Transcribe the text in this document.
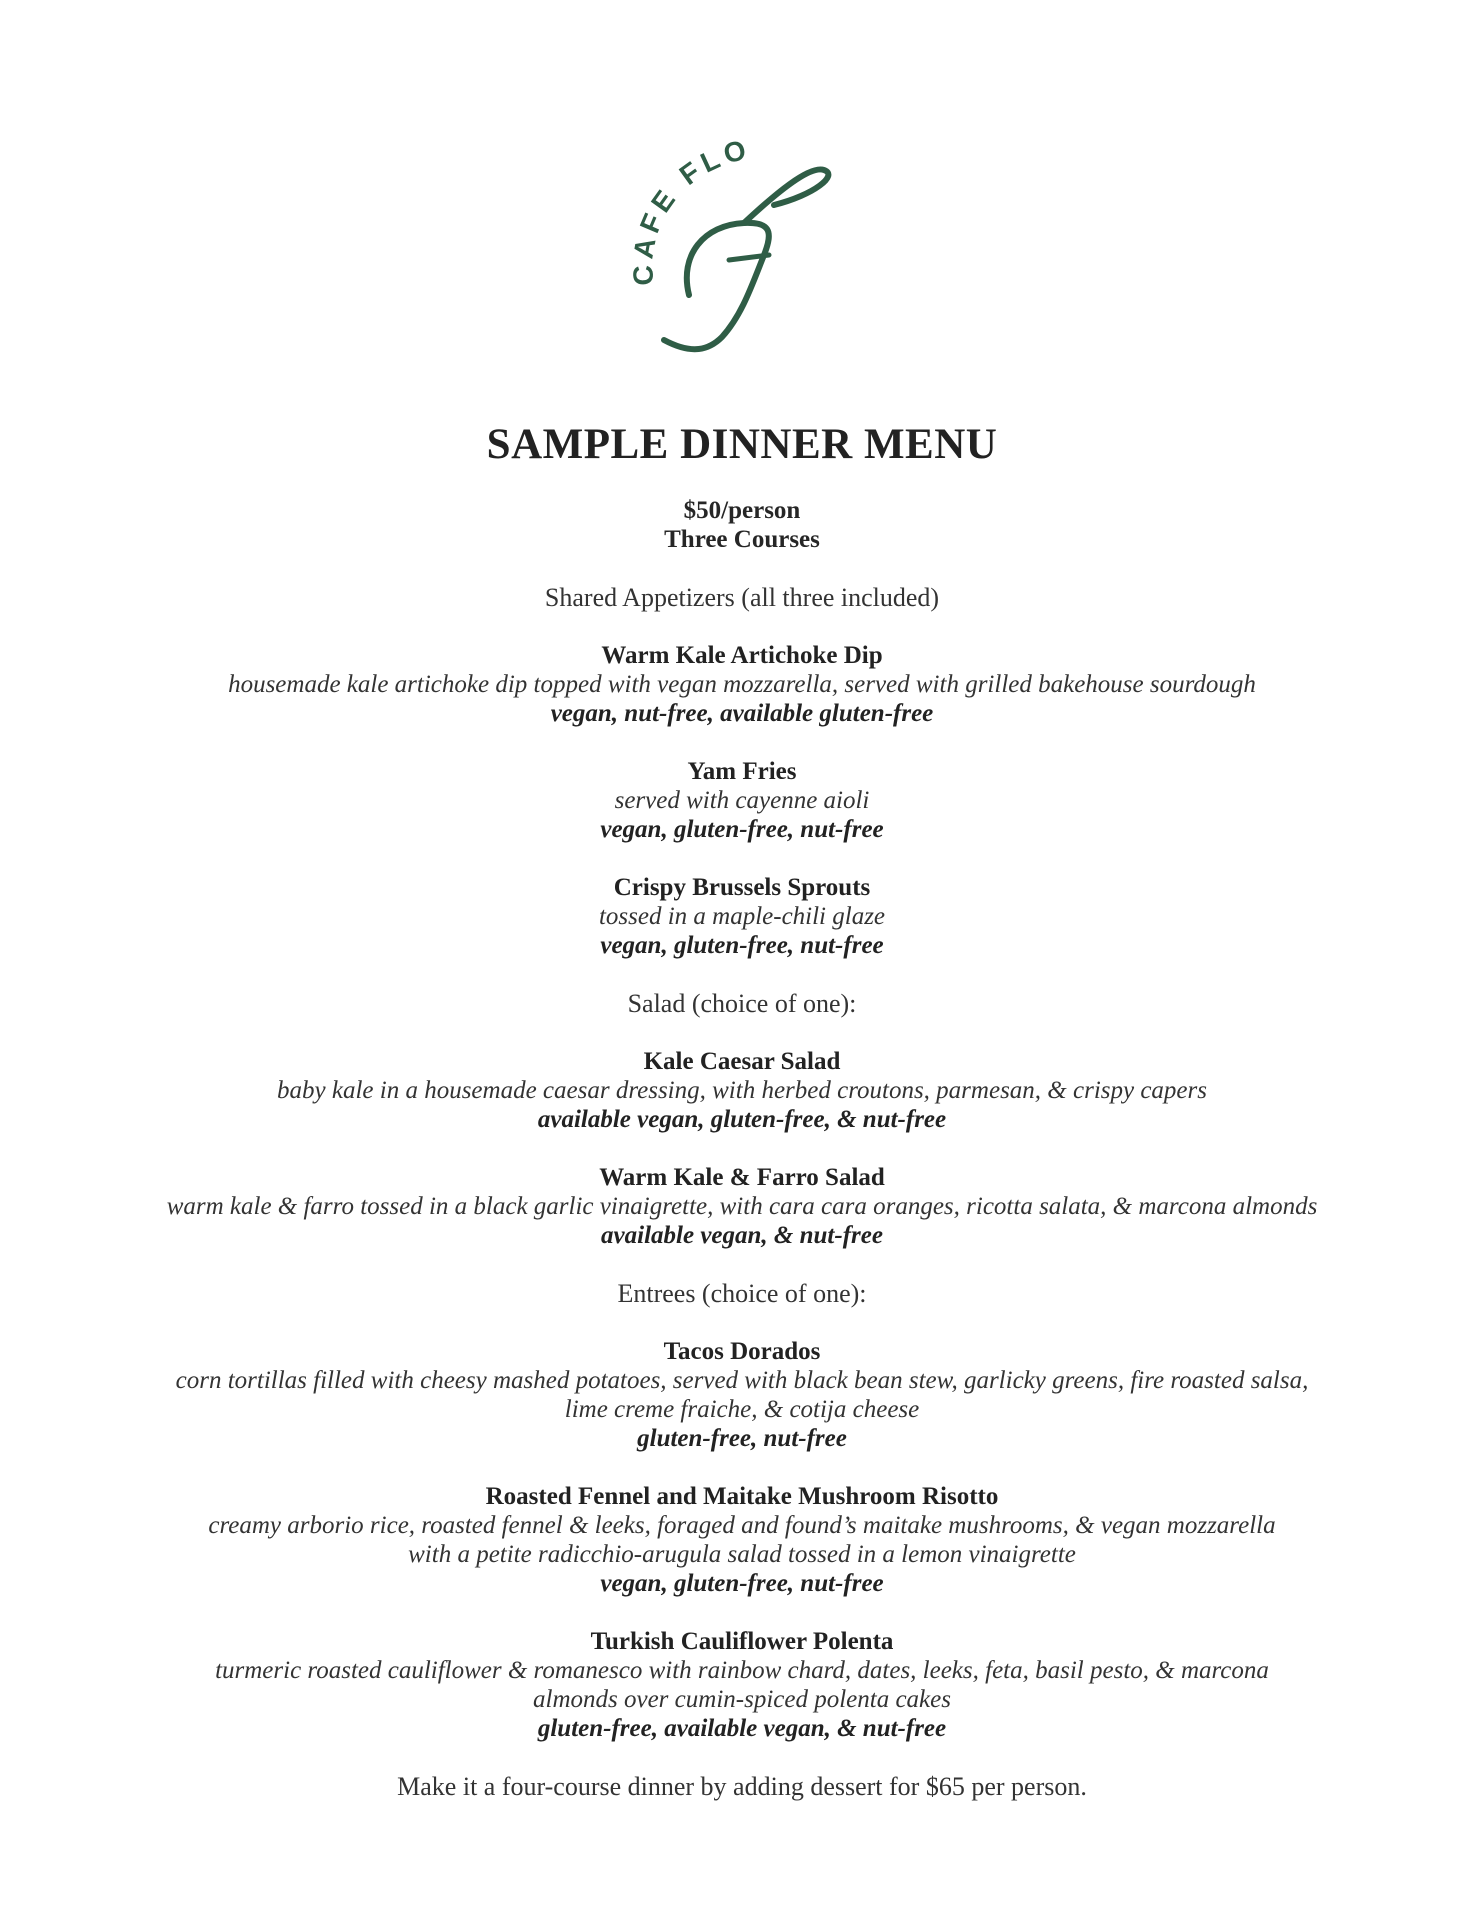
CAFE FLO
SAMPLE DINNER MENU
$50/person
Three Courses
Shared Appetizers (all three included)
Warm Kale Artichoke Dip
housemade kale artichoke dip topped with vegan mozzarella, served with grilled bakehouse sourdough
vegan, nut-free, available gluten-free
Yam Fries
served with cayenne aioli
vegan, gluten-free, nut-free
Crispy Brussels Sprouts
tossed in a maple-chili glaze
vegan, gluten-free, nut-free
Salad (choice of one):
Kale Caesar Salad
baby kale in a housemade caesar dressing, with herbed croutons, parmesan, & crispy capers
available vegan, gluten-free, & nut-free
Warm Kale & Farro Salad
warm kale & farro tossed in a black garlic vinaigrette, with cara cara oranges, ricotta salata, & marcona almonds
available vegan, & nut-free
Entrees (choice of one):
Tacos Dorados
corn tortillas filled with cheesy mashed potatoes, served with black bean stew, garlicky greens, fire roasted salsa,
lime creme fraiche, & cotija cheese
gluten-free, nut-free
Roasted Fennel and Maitake Mushroom Risotto
creamy arborio rice, roasted fennel & leeks, foraged and found’s maitake mushrooms, & vegan mozzarella
with a petite radicchio-arugula salad tossed in a lemon vinaigrette
vegan, gluten-free, nut-free
Turkish Cauliflower Polenta
turmeric roasted cauliflower & romanesco with rainbow chard, dates, leeks, feta, basil pesto, & marcona
almonds over cumin-spiced polenta cakes
gluten-free, available vegan, & nut-free
Make it a four-course dinner by adding dessert for $65 per person.
